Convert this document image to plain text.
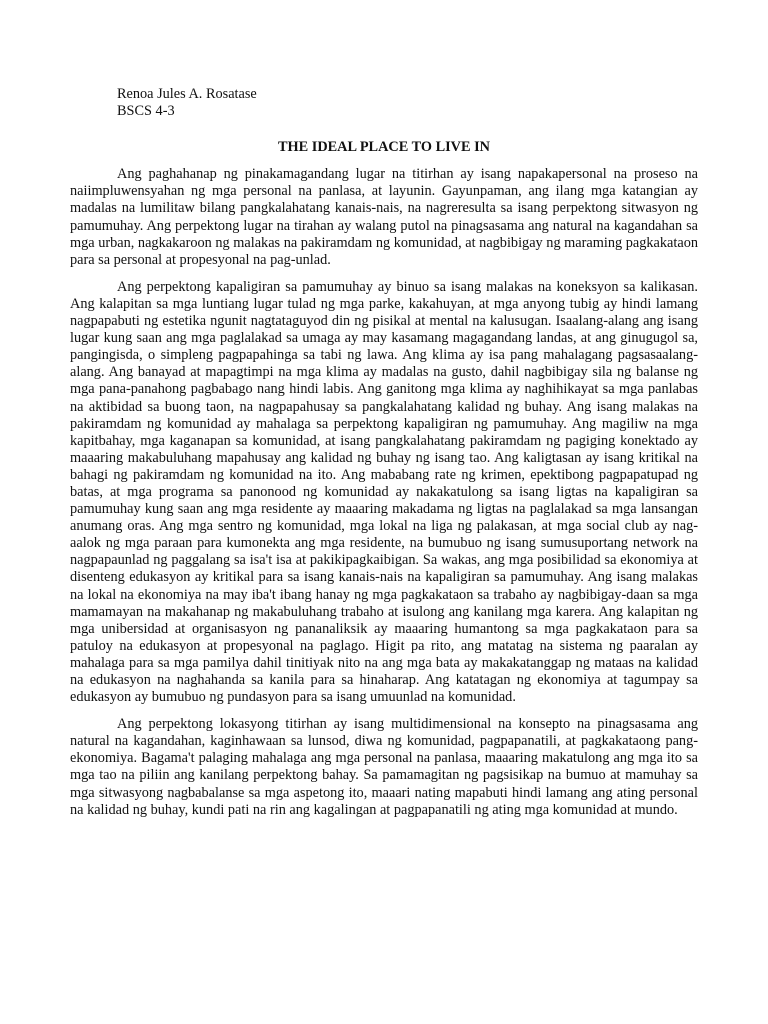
Renoa Jules A. Rosatase

BSCS 4-3

THE IDEAL PLACE TO LIVE IN

Ang paghahanap ng pinakamagandang lugar na titirhan ay isang napakapersonal na proseso na naiimpluwensyahan ng mga personal na panlasa, at layunin. Gayunpaman, ang ilang mga katangian ay madalas na lumilitaw bilang pangkalahatang kanais-nais, na nagreresulta sa isang perpektong sitwasyon ng pamumuhay. Ang perpektong lugar na tirahan ay walang putol na pinagsasama ang natural na kagandahan sa mga urban, nagkakaroon ng malakas na pakiramdam ng komunidad, at nagbibigay ng maraming pagkakataon para sa personal at propesyonal na pag-unlad.

Ang perpektong kapaligiran sa pamumuhay ay binuo sa isang malakas na koneksyon sa kalikasan. Ang kalapitan sa mga luntiang lugar tulad ng mga parke, kakahuyan, at mga anyong tubig ay hindi lamang nagpapabuti ng estetika ngunit nagtataguyod din ng pisikal at mental na kalusugan. Isaalang-alang ang isang lugar kung saan ang mga paglalakad sa umaga ay may kasamang magagandang landas, at ang ginugugol sa, pangingisda, o simpleng pagpapahinga sa tabi ng lawa. Ang klima ay isa pang mahalagang pagsasaalang-alang. Ang banayad at mapagtimpi na mga klima ay madalas na gusto, dahil nagbibigay sila ng balanse ng mga pana-panahong pagbabago nang hindi labis. Ang ganitong mga klima ay naghihikayat sa mga panlabas na aktibidad sa buong taon, na nagpapahusay sa pangkalahatang kalidad ng buhay. Ang isang malakas na pakiramdam ng komunidad ay mahalaga sa perpektong kapaligiran ng pamumuhay. Ang magiliw na mga kapitbahay, mga kaganapan sa komunidad, at isang pangkalahatang pakiramdam ng pagiging konektado ay maaaring makabuluhang mapahusay ang kalidad ng buhay ng isang tao. Ang kaligtasan ay isang kritikal na bahagi ng pakiramdam ng komunidad na ito. Ang mababang rate ng krimen, epektibong pagpapatupad ng batas, at mga programa sa panonood ng komunidad ay nakakatulong sa isang ligtas na kapaligiran sa pamumuhay kung saan ang mga residente ay maaaring makadama ng ligtas na paglalakad sa mga lansangan anumang oras. Ang mga sentro ng komunidad, mga lokal na liga ng palakasan, at mga social club ay nag-aalok ng mga paraan para kumonekta ang mga residente, na bumubuo ng isang sumusuportang network na nagpapaunlad ng paggalang sa isa't isa at pakikipagkaibigan. Sa wakas, ang mga posibilidad sa ekonomiya at disenteng edukasyon ay kritikal para sa isang kanais-nais na kapaligiran sa pamumuhay. Ang isang malakas na lokal na ekonomiya na may iba't ibang hanay ng mga pagkakataon sa trabaho ay nagbibigay-daan sa mga mamamayan na makahanap ng makabuluhang trabaho at isulong ang kanilang mga karera. Ang kalapitan ng mga unibersidad at organisasyon ng pananaliksik ay maaaring humantong sa mga pagkakataon para sa patuloy na edukasyon at propesyonal na paglago. Higit pa rito, ang matatag na sistema ng paaralan ay mahalaga para sa mga pamilya dahil tinitiyak nito na ang mga bata ay makakatanggap ng mataas na kalidad na edukasyon na naghahanda sa kanila para sa hinaharap. Ang katatagan ng ekonomiya at tagumpay sa edukasyon ay bumubuo ng pundasyon para sa isang umuunlad na komunidad.

Ang perpektong lokasyong titirhan ay isang multidimensional na konsepto na pinagsasama ang natural na kagandahan, kaginhawaan sa lunsod, diwa ng komunidad, pagpapanatili, at pagkakataong pang-ekonomiya. Bagama't palaging mahalaga ang mga personal na panlasa, maaaring makatulong ang mga ito sa mga tao na piliin ang kanilang perpektong bahay. Sa pamamagitan ng pagsisikap na bumuo at mamuhay sa mga sitwasyong nagbabalanse sa mga aspetong ito, maaari nating mapabuti hindi lamang ang ating personal na kalidad ng buhay, kundi pati na rin ang kagalingan at pagpapanatili ng ating mga komunidad at mundo.
